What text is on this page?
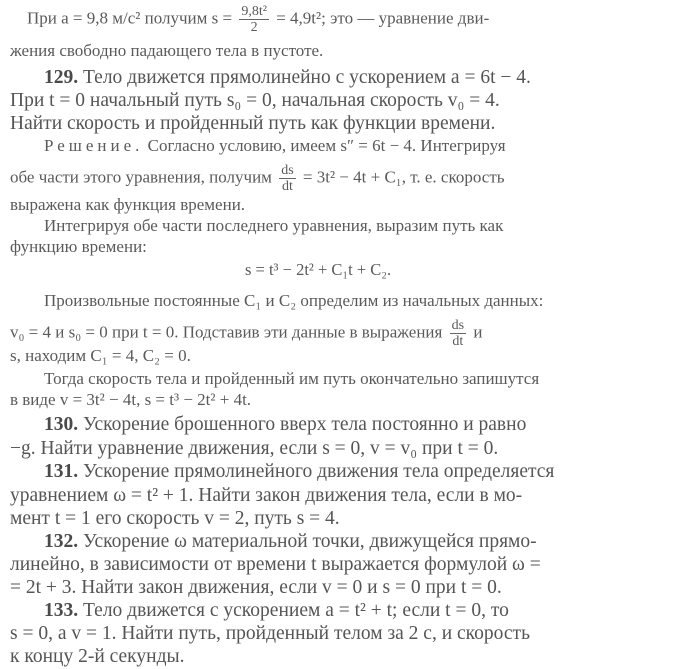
При a = 9,8 м/с² получим $s = \frac{\text{9,8t²}}{2} = 4,9t^2$; это — уравнение дви-

жения свободно падающего тела в пустоте.

129. Тело движется прямолинейно с ускорением a = 6t − 4.

При t = 0 начальный путь s₀ = 0, начальная скорость v₀ = 4.

Найти скорость и пройденный путь как функции времени.

Решение. Согласно условию, имеем s″ = 6t − 4. Интегрируя

обе части этого уравнения, получим $\frac{ds}{dt} = 3t^2 - 4t + C_1$, т. е. скорость

выражена как функция времени.

Интегрируя обе части последнего уравнения, выразим путь как

функцию времени:

s = t³ − 2t² + C₁t + C₂.

Произвольные постоянные C₁ и C₂ определим из начальных данных:

v₀ = 4 и s₀ = 0 при t = 0. Подставив эти данные в выражения $\frac{ds}{dt}$ и

s, находим C₁ = 4, C₂ = 0.

Тогда скорость тела и пройденный им путь окончательно запишутся

в виде v = 3t² − 4t, s = t³ − 2t² + 4t.

130. Ускорение брошенного вверх тела постоянно и равно

−g. Найти уравнение движения, если s = 0, v = v₀ при t = 0.

131. Ускорение прямолинейного движения тела определяется

уравнением ω = t² + 1. Найти закон движения тела, если в мо-

мент t = 1 его скорость v = 2, путь s = 4.

132. Ускорение ω материальной точки, движущейся прямо-

линейно, в зависимости от времени t выражается формулой ω =

= 2t + 3. Найти закон движения, если v = 0 и s = 0 при t = 0.

133. Тело движется с ускорением a = t² + t; если t = 0, то

s = 0, а v = 1. Найти путь, пройденный телом за 2 с, и скорость

к концу 2-й секунды.
